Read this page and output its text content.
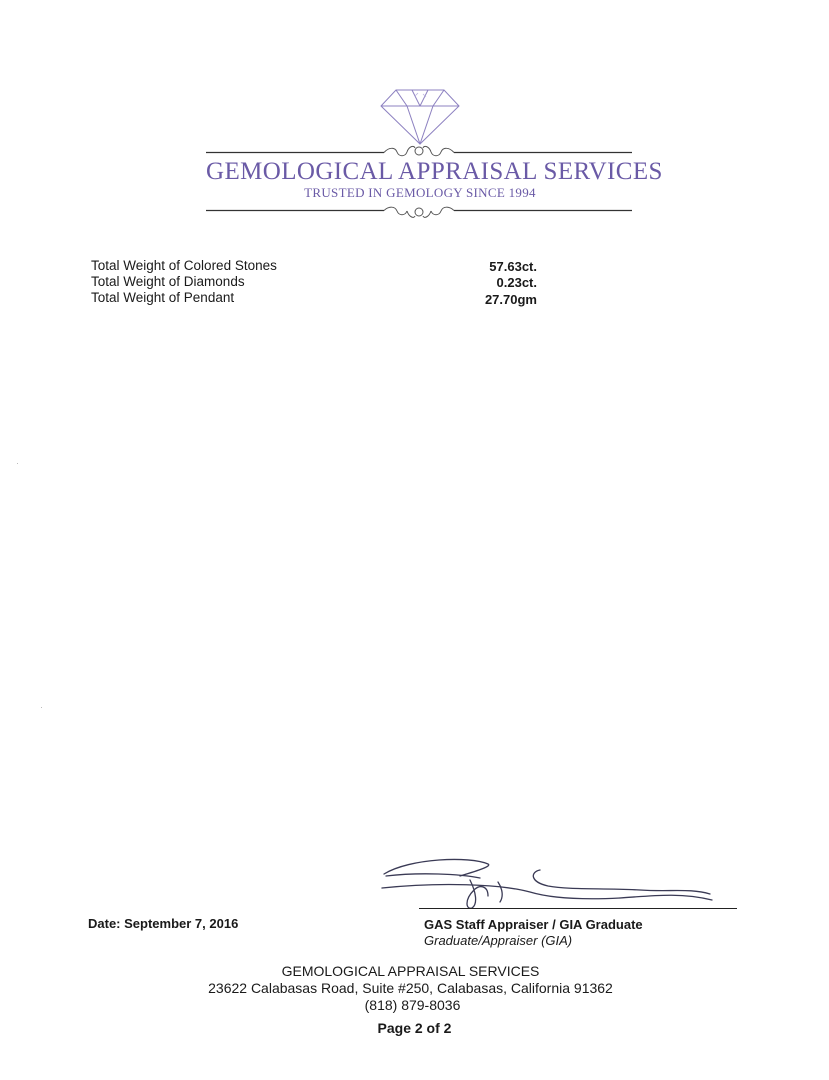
GEMOLOGICAL APPRAISAL SERVICES
TRUSTED IN GEMOLOGY SINCE 1994
Total Weight of Colored Stones	57.63ct.
Total Weight of Diamonds	0.23ct.
Total Weight of Pendant	27.70gm
Date: September 7, 2016	GAS Staff Appraiser / GIA Graduate
Graduate/Appraiser (GIA)
GEMOLOGICAL APPRAISAL SERVICES
23622 Calabasas Road, Suite #250, Calabasas, California 91362
(818) 879-8036
Page 2 of 2
